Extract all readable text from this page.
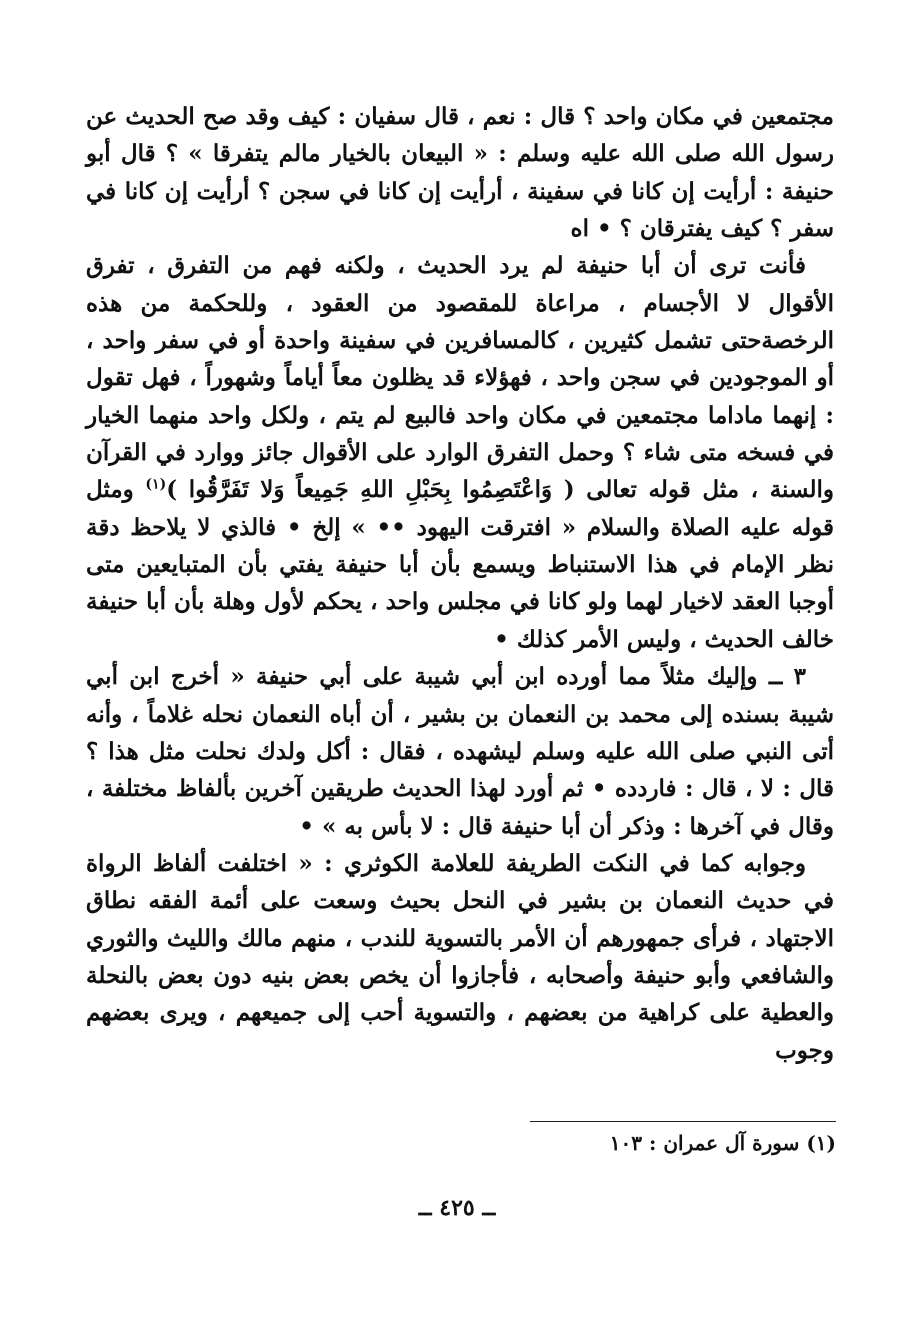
مجتمعين في مكان واحد ؟ قال : نعم ، قال سفيان : كيف وقد صح الحديث عن رسول الله صلى الله عليه وسلم : « البيعان بالخيار مالم يتفرقا » ؟ قال أبو حنيفة : أرأيت إن كانا في سفينة ، أرأيت إن كانا في سجن ؟ أرأيت إن كانا في سفر ؟ كيف يفترقان ؟ • اه

فأنت ترى أن أبا حنيفة لم يرد الحديث ، ولكنه فهم من التفرق ، تفرق الأقوال لا الأجسام ، مراعاة للمقصود من العقود ، وللحكمة من هذه الرخصةحتى تشمل كثيرين ، كالمسافرين في سفينة واحدة أو في سفر واحد ، أو الموجودين في سجن واحد ، فهؤلاء قد يظلون معاً أياماً وشهوراً ، فهل تقول : إنهما ماداما مجتمعين في مكان واحد فالبيع لم يتم ، ولكل واحد منهما الخيار في فسخه متى شاء ؟ وحمل التفرق الوارد على الأقوال جائز ووارد في القرآن والسنة ، مثل قوله تعالى ( وَاعْتَصِمُوا بِحَبْلِ اللهِ جَمِيعاً وَلا تَفَرَّقُوا )$^{(١)}$ ومثل قوله عليه الصلاة والسلام « افترقت اليهود •• » إلخ • فالذي لا يلاحظ دقة نظر الإمام في هذا الاستنباط ويسمع بأن أبا حنيفة يفتي بأن المتبايعين متى أوجبا العقد لاخيار لهما ولو كانا في مجلس واحد ، يحكم لأول وهلة بأن أبا حنيفة خالف الحديث ، وليس الأمر كذلك •

٣ ــ وإليك مثلاً مما أورده ابن أبي شيبة على أبي حنيفة « أخرج ابن أبي شيبة بسنده إلى محمد بن النعمان بن بشير ، أن أباه النعمان نحله غلاماً ، وأنه أتى النبي صلى الله عليه وسلم ليشهده ، فقال : أكل ولدك نحلت مثل هذا ؟ قال : لا ، قال : فاردده • ثم أورد لهذا الحديث طريقين آخرين بألفاظ مختلفة ، وقال في آخرها : وذكر أن أبا حنيفة قال : لا بأس به » •

وجوابه كما في النكت الطريفة للعلامة الكوثري : « اختلفت ألفاظ الرواة في حديث النعمان بن بشير في النحل بحيث وسعت على أئمة الفقه نطاق الاجتهاد ، فرأى جمهورهم أن الأمر بالتسوية للندب ، منهم مالك والليث والثوري والشافعي وأبو حنيفة وأصحابه ، فأجازوا أن يخص بعض بنيه دون بعض بالنحلة والعطية على كراهية من بعضهم ، والتسوية أحب إلى جميعهم ، ويرى بعضهم وجوب

(١) سورة آل عمران : ١٠٣
ــ ٤٢٥ ــ
